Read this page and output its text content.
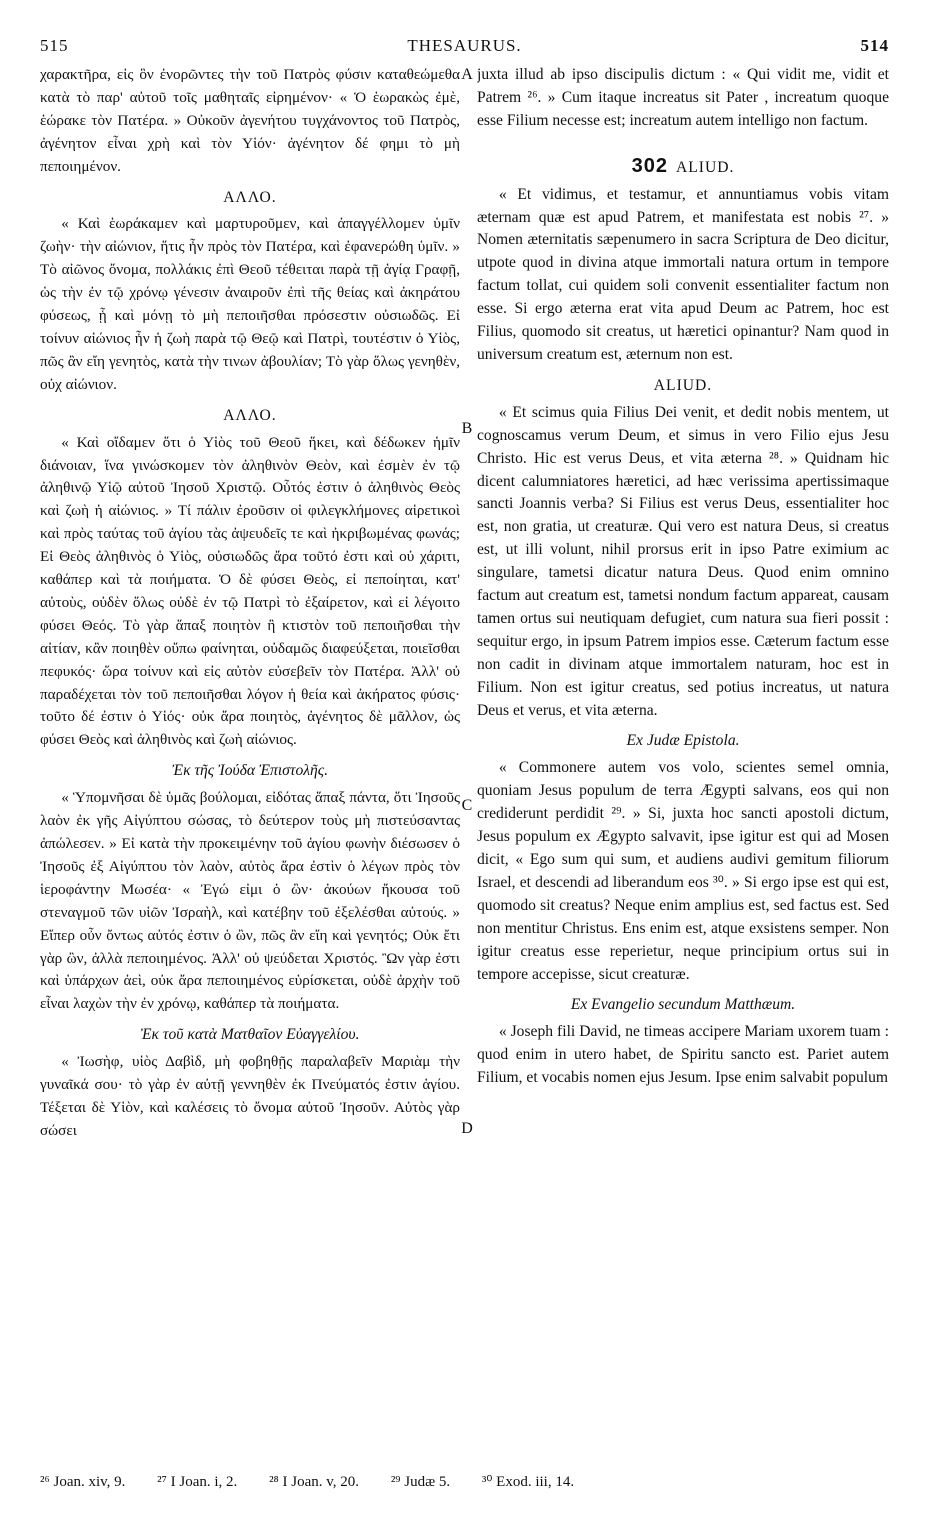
515	THESAURUS.	514

χαρακτῆρα, εἰς ὃν ἐνορῶντες τὴν τοῦ Πατρὸς φύσιν καταθεώμεθα κατὰ τὸ παρ' αὐτοῦ τοῖς μαθηταῖς εἰρημένον· « Ὁ ἑωρακὼς ἐμὲ, ἑώρακε τὸν Πατέρα. » Οὐκοῦν ἀγενήτου τυγχάνοντος τοῦ Πατρὸς, ἀγένητον εἶναι χρὴ καὶ τὸν Υἱόν· ἀγένητον δέ φημι τὸ μὴ πεποιημένον.

ΑΛΛΟ.

« Καὶ ἑωράκαμεν καὶ μαρτυροῦμεν, καὶ ἀπαγγέλλομεν ὑμῖν ζωὴν· τὴν αἰώνιον, ἥτις ἦν πρὸς τὸν Πατέρα, καὶ ἐφανερώθη ὑμῖν. » Τὸ αἰῶνος ὄνομα, πολλάκις ἐπὶ Θεοῦ τέθειται παρὰ τῇ ἁγίᾳ Γραφῇ, ὡς τὴν ἐν τῷ χρόνῳ γένεσιν ἀναιροῦν ἐπὶ τῆς θείας καὶ ἀκηράτου φύσεως, ᾗ καὶ μόνῃ τὸ μὴ πεποιῆσθαι πρόσεστιν οὐσιωδῶς. Εἰ τοίνυν αἰώνιος ἦν ἡ ζωὴ παρὰ τῷ Θεῷ καὶ Πατρὶ, τουτέστιν ὁ Υἱὸς, πῶς ἂν εἴη γενητὸς, κατὰ τὴν τινων ἀβουλίαν; Τὸ γὰρ ὅλως γενηθὲν, οὐχ αἰώνιον.

ΑΛΛΟ.

« Καὶ οἴδαμεν ὅτι ὁ Υἱὸς τοῦ Θεοῦ ἥκει, καὶ δέδωκεν ἡμῖν διάνοιαν, ἵνα γινώσκομεν τὸν ἀληθινὸν Θεὸν, καὶ ἐσμὲν ἐν τῷ ἀληθινῷ Υἱῷ αὐτοῦ Ἰησοῦ Χριστῷ. Οὗτός ἐστιν ὁ ἀληθινὸς Θεὸς καὶ ζωὴ ἡ αἰώνιος. » Τί πάλιν ἐροῦσιν οἱ φιλεγκλήμονες αἱρετικοὶ καὶ πρὸς ταύτας τοῦ ἁγίου τὰς ἀψευδεῖς τε καὶ ἠκριβωμένας φωνάς; Εἰ Θεὸς ἀληθινὸς ὁ Υἱὸς, οὐσιωδῶς ἄρα τοῦτό ἐστι καὶ οὐ χάριτι, καθάπερ καὶ τὰ ποιήματα. Ὁ δὲ φύσει Θεὸς, εἰ πεποίηται, κατ' αὐτοὺς, οὐδὲν ὅλως οὐδὲ ἐν τῷ Πατρὶ τὸ ἐξαίρετον, καὶ εἰ λέγοιτο φύσει Θεός. Τὸ γὰρ ἅπαξ ποιητὸν ἢ κτιστὸν τοῦ πεποιῆσθαι τὴν αἰτίαν, κἂν ποιηθὲν οὔπω φαίνηται, οὐδαμῶς διαφεύξεται, ποιεῖσθαι πεφυκός· ὥρα τοίνυν καὶ εἰς αὐτὸν εὐσεβεῖν τὸν Πατέρα. Ἀλλ' οὐ παραδέχεται τὸν τοῦ πεποιῆσθαι λόγον ἡ θεία καὶ ἀκήρατος φύσις· τοῦτο δέ ἐστιν ὁ Υἱός· οὐκ ἄρα ποιητὸς, ἀγένητος δὲ μᾶλλον, ὡς φύσει Θεὸς καὶ ἀληθινὸς καὶ ζωὴ αἰώνιος.

Ἐκ τῆς Ἰούδα Ἐπιστολῆς.

« Ὑπομνῆσαι δὲ ὑμᾶς βούλομαι, εἰδότας ἅπαξ πάντα, ὅτι Ἰησοῦς λαὸν ἐκ γῆς Αἰγύπτου σώσας, τὸ δεύτερον τοὺς μὴ πιστεύσαντας ἀπώλεσεν. » Εἰ κατὰ τὴν προκειμένην τοῦ ἁγίου φωνὴν διέσωσεν ὁ Ἰησοῦς ἐξ Αἰγύπτου τὸν λαὸν, αὐτὸς ἄρα ἐστὶν ὁ λέγων πρὸς τὸν ἱεροφάντην Μωσέα· « Ἐγώ εἰμι ὁ ὢν· ἀκούων ἤκουσα τοῦ στεναγμοῦ τῶν υἱῶν Ἰσραὴλ, καὶ κατέβην τοῦ ἐξελέσθαι αὐτούς. » Εἴπερ οὖν ὄντως αὐτός ἐστιν ὁ ὢν, πῶς ἂν εἴη καὶ γενητός; Οὐκ ἔτι γὰρ ὢν, ἀλλὰ πεποιημένος. Ἀλλ' οὐ ψεύδεται Χριστός. Ὢν γὰρ ἐστι καὶ ὑπάρχων ἀεὶ, οὐκ ἄρα πεποιημένος εὑρίσκεται, οὐδὲ ἀρχὴν τοῦ εἶναι λαχὼν τὴν ἐν χρόνῳ, καθάπερ τὰ ποιήματα.

Ἐκ τοῦ κατὰ Ματθαῖον Εὐαγγελίου.

« Ἰωσὴφ, υἱὸς Δαβὶδ, μὴ φοβηθῇς παραλαβεῖν Μαριὰμ τὴν γυναῖκά σου· τὸ γὰρ ἐν αὐτῇ γεννηθὲν ἐκ Πνεύματός ἐστιν ἁγίου. Τέξεται δὲ Υἱὸν, καὶ καλέσεις τὸ ὄνομα αὐτοῦ Ἰησοῦν. Αὐτὸς γὰρ σώσει

A
B
C
D

juxta illud ab ipso discipulis dictum : « Qui vidit me, vidit et Patrem ²⁶. » Cum itaque increatus sit Pater , increatum quoque esse Filium necesse est; increatum autem intelligo non factum.

302 ALIUD.

« Et vidimus, et testamur, et annuntiamus vobis vitam æternam quæ est apud Patrem, et manifestata est nobis ²⁷. » Nomen æternitatis sæpenumero in sacra Scriptura de Deo dicitur, utpote quod in divina atque immortali natura ortum in tempore factum tollat, cui quidem soli convenit essentialiter factum non esse. Si ergo æterna erat vita apud Deum ac Patrem, hoc est Filius, quomodo sit creatus, ut hæretici opinantur? Nam quod in universum creatum est, æternum non est.

ALIUD.

« Et scimus quia Filius Dei venit, et dedit nobis mentem, ut cognoscamus verum Deum, et simus in vero Filio ejus Jesu Christo. Hic est verus Deus, et vita æterna ²⁸. » Quidnam hic dicent calumniatores hæretici, ad hæc verissima apertissimaque sancti Joannis verba? Si Filius est verus Deus, essentialiter hoc est, non gratia, ut creaturæ. Qui vero est natura Deus, si creatus est, ut illi volunt, nihil prorsus erit in ipso Patre eximium ac singulare, tametsi dicatur natura Deus. Quod enim omnino factum aut creatum est, tametsi nondum factum appareat, causam tamen ortus sui neutiquam defugiet, cum natura sua fieri possit : sequitur ergo, in ipsum Patrem impios esse. Cæterum factum esse non cadit in divinam atque immortalem naturam, hoc est in Filium. Non est igitur creatus, sed potius increatus, ut natura Deus et verus, et vita æterna.

Ex Judæ Epistola.

« Commonere autem vos volo, scientes semel omnia, quoniam Jesus populum de terra Ægypti salvans, eos qui non crediderunt perdidit ²⁹. » Si, juxta hoc sancti apostoli dictum, Jesus populum ex Ægypto salvavit, ipse igitur est qui ad Mosen dicit, « Ego sum qui sum, et audiens audivi gemitum filiorum Israel, et descendi ad liberandum eos ³⁰. » Si ergo ipse est qui est, quomodo sit creatus? Neque enim amplius est, sed factus est. Sed non mentitur Christus. Ens enim est, atque exsistens semper. Non igitur creatus esse reperietur, neque principium ortus sui in tempore accepisse, sicut creaturæ.

Ex Evangelio secundum Matthæum.

« Joseph fili David, ne timeas accipere Mariam uxorem tuam : quod enim in utero habet, de Spiritu sancto est. Pariet autem Filium, et vocabis nomen ejus Jesum. Ipse enim salvabit populum

²⁶ Joan. xiv, 9. ²⁷ I Joan. i, 2. ²⁸ I Joan. v, 20. ²⁹ Judæ 5. ³⁰ Exod. iii, 14.
